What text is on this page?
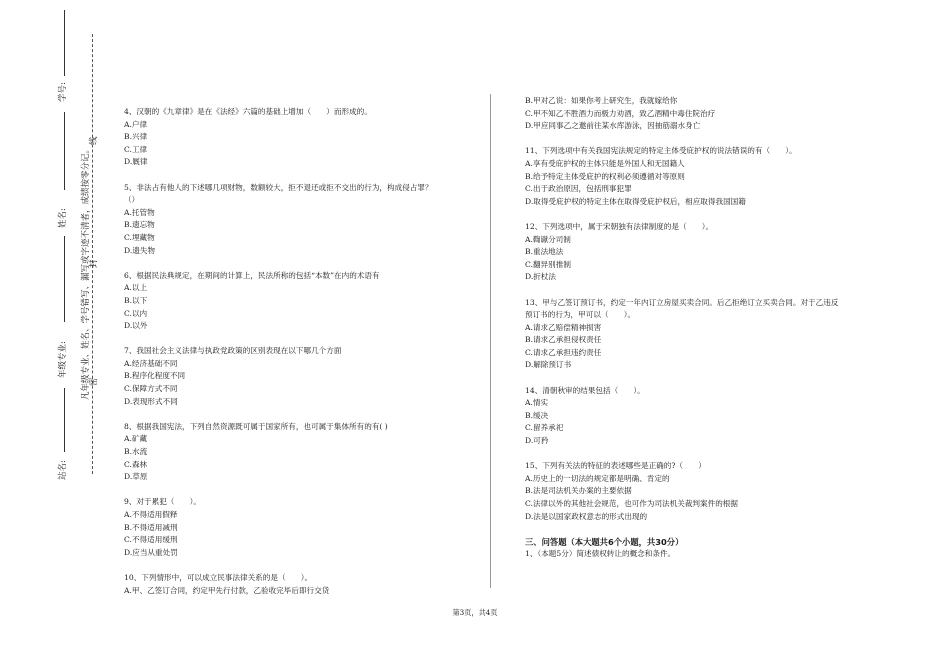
学号:
姓名:
年级专业:
站名:
凡年级专业、姓名、学号错写、漏写或字迹不清者，成绩按零分记。
线
封
密

4、汉朝的《九章律》是在《法经》六篇的基础上增加（　　）而形成的。

A.户律

B.兴律

C.工律

D.厩律

5、非法占有他人的下述哪几项财物，数额较大，拒不退还或拒不交出的行为，构成侵占罪？

（）

A.托管物

B.遗忘物

C.埋藏物

D.遗失物

6、根据民法典规定，在期间的计算上，民法所称的包括“本数”在内的术语有

A.以上

B.以下

C.以内

D.以外

7、我国社会主义法律与执政党政策的区别表现在以下哪几个方面

A.经济基础不同

B.程序化程度不同

C.保障方式不同

D.表现形式不同

8、根据我国宪法，下列自然资源既可属于国家所有，也可属于集体所有的有( )

A.矿藏

B.水流

C.森林

D.草原

9、对于累犯（　　）。

A.不得适用假释

B.不得适用减刑

C.不得适用缓刑

D.应当从重处罚

10、下列情形中，可以成立民事法律关系的是（　　）。

A.甲、乙签订合同，约定甲先行付款，乙验收完毕后即行交货

B.甲对乙说：如果你考上研究生，我就嫁给你

C.甲不知乙不胜酒力而极力劝酒，致乙酒精中毒住院治疗

D.甲应同事乙之邀前往某水库游泳，因抽筋溺水身亡

11、下列选项中有关我国宪法规定的特定主体受庇护权的说法错误的有（　　）。

A.享有受庇护权的主体只能是外国人和无国籍人

B.给予特定主体受庇护的权利必须遵循对等原则

C.出于政治原因，包括刑事犯罪

D.取得受庇护权的特定主体在取得受庇护权后，相应取得我国国籍

12、下列选项中，属于宋朝独有法律制度的是（　　）。

A.鞫谳分司制

B.重法地法

C.翻异别推制

D.折杖法

13、甲与乙签订预订书，约定一年内订立房屋买卖合同。后乙拒绝订立买卖合同。对于乙违反

预订书的行为，甲可以（　　）。

A.请求乙赔偿精神损害

B.请求乙承担侵权责任

C.请求乙承担违约责任

D.解除预订书

14、清朝秋审的结果包括（　　）。

A.情实

B.缓决

C.留养承祀

D.可矜

15、下列有关法的特征的表述哪些是正确的?（　　）

A.历史上的一切法的规定都是明确、肯定的

B.法是司法机关办案的主要依据

C.法律以外的其他社会规范，也可作为司法机关裁判案件的根据

D.法是以国家政权意志的形式出现的

三、问答题（本大题共6个小题，共30分）

1、（本题5分）简述债权转让的概念和条件。

第3页，共4页
